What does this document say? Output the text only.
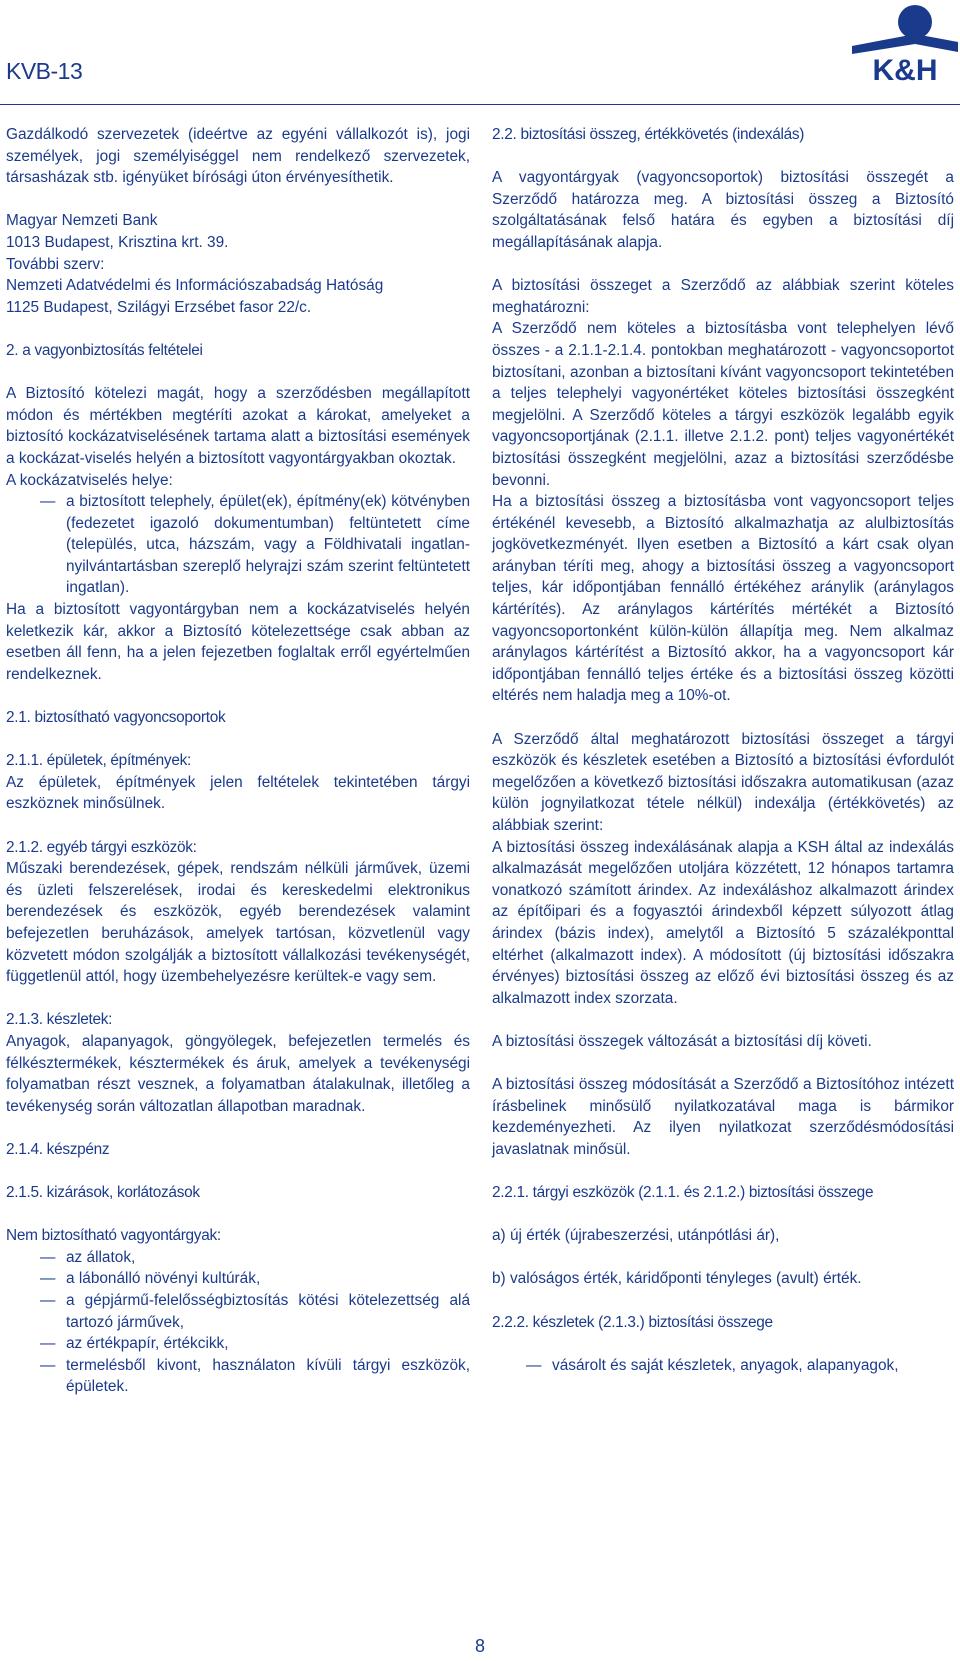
KVB-13	K&H

Gazdálkodó szervezetek (ideértve az egyéni vállalkozót is), jogi személyek, jogi személyiséggel nem rendelkező szervezetek, társasházak stb. igényüket bírósági úton érvényesíthetik.

Magyar Nemzeti Bank

1013 Budapest, Krisztina krt. 39.

További szerv:

Nemzeti Adatvédelmi és Információszabadság Hatóság

1125 Budapest, Szilágyi Erzsébet fasor 22/c.

2. a vagyonbiztosítás feltételei

A Biztosító kötelezi magát, hogy a szerződésben megállapított módon és mértékben megtéríti azokat a károkat, amelyeket a biztosító kockázatviselésének tartama alatt a biztosítási események a kockázat-viselés helyén a biztosított vagyontárgyakban okoztak.

A kockázatviselés helye:

— a biztosított telephely, épület(ek), építmény(ek) kötvényben (fedezetet igazoló dokumentumban) feltüntetett címe (település, utca, házszám, vagy a Földhivatali ingatlan-nyilvántartásban szereplő helyrajzi szám szerint feltüntetett ingatlan).

Ha a biztosított vagyontárgyban nem a kockázatviselés helyén keletkezik kár, akkor a Biztosító kötelezettsége csak abban az esetben áll fenn, ha a jelen fejezetben foglaltak erről egyértelműen rendelkeznek.

2.1. biztosítható vagyoncsoportok

2.1.1. épületek, építmények:

Az épületek, építmények jelen feltételek tekintetében tárgyi eszköznek minősülnek.

2.1.2. egyéb tárgyi eszközök:

Műszaki berendezések, gépek, rendszám nélküli járművek, üzemi és üzleti felszerelések, irodai és kereskedelmi elektronikus berendezések és eszközök, egyéb berendezések valamint befejezetlen beruházások, amelyek tartósan, közvetlenül vagy közvetett módon szolgálják a biztosított vállalkozási tevékenységét, függetlenül attól, hogy üzembehelyezésre kerültek-e vagy sem.

2.1.3. készletek:

Anyagok, alapanyagok, göngyölegek, befejezetlen termelés és félkésztermékek, késztermékek és áruk, amelyek a tevékenységi folyamatban részt vesznek, a folyamatban átalakulnak, illetőleg a tevékenység során változatlan állapotban maradnak.

2.1.4. készpénz

2.1.5. kizárások, korlátozások

Nem biztosítható vagyontárgyak:

— az állatok,
— a lábonálló növényi kultúrák,
— a gépjármű-felelősségbiztosítás kötési kötelezettség alá tartozó járművek,
— az értékpapír, értékcikk,
— termelésből kivont, használaton kívüli tárgyi eszközök, épületek.

2.2. biztosítási összeg, értékkövetés (indexálás)

A vagyontárgyak (vagyoncsoportok) biztosítási összegét a Szerződő határozza meg. A biztosítási összeg a Biztosító szolgáltatásának felső határa és egyben a biztosítási díj megállapításának alapja.

A biztosítási összeget a Szerződő az alábbiak szerint köteles meghatározni:

A Szerződő nem köteles a biztosításba vont telephelyen lévő összes - a 2.1.1-2.1.4. pontokban meghatározott - vagyoncsoportot biztosítani, azonban a biztosítani kívánt vagyoncsoport tekintetében a teljes telephelyi vagyonértéket köteles biztosítási összegként megjelölni. A Szerződő köteles a tárgyi eszközök legalább egyik vagyoncsoportjának (2.1.1. illetve 2.1.2. pont) teljes vagyonértékét biztosítási összegként megjelölni, azaz a biztosítási szerződésbe bevonni.

Ha a biztosítási összeg a biztosításba vont vagyoncsoport teljes értékénél kevesebb, a Biztosító alkalmazhatja az alulbiztosítás jogkövetkezményét. Ilyen esetben a Biztosító a kárt csak olyan arányban téríti meg, ahogy a biztosítási összeg a vagyoncsoport teljes, kár időpontjában fennálló értékéhez aránylik (aránylagos kártérítés). Az aránylagos kártérítés mértékét a Biztosító vagyoncsoportonként külön-külön állapítja meg. Nem alkalmaz aránylagos kártérítést a Biztosító akkor, ha a vagyoncsoport kár időpontjában fennálló teljes értéke és a biztosítási összeg közötti eltérés nem haladja meg a 10%-ot.

A Szerződő által meghatározott biztosítási összeget a tárgyi eszközök és készletek esetében a Biztosító a biztosítási évfordulót megelőzően a következő biztosítási időszakra automatikusan (azaz külön jognyilatkozat tétele nélkül) indexálja (értékkövetés) az alábbiak szerint:

A biztosítási összeg indexálásának alapja a KSH által az indexálás alkalmazását megelőzően utoljára közzétett, 12 hónapos tartamra vonatkozó számított árindex. Az indexáláshoz alkalmazott árindex az építőipari és a fogyasztói árindexből képzett súlyozott átlag árindex (bázis index), amelytől a Biztosító 5 százalékponttal eltérhet (alkalmazott index). A módosított (új biztosítási időszakra érvényes) biztosítási összeg az előző évi biztosítási összeg és az alkalmazott index szorzata.

A biztosítási összegek változását a biztosítási díj követi.

A biztosítási összeg módosítását a Szerződő a Biztosítóhoz intézett írásbelinek minősülő nyilatkozatával maga is bármikor kezdeményezheti. Az ilyen nyilatkozat szerződésmódosítási javaslatnak minősül.

2.2.1. tárgyi eszközök (2.1.1. és 2.1.2.) biztosítási összege

a) új érték (újrabeszerzési, utánpótlási ár),

b) valóságos érték, káridőponti tényleges (avult) érték.

2.2.2. készletek (2.1.3.) biztosítási összege

— vásárolt és saját készletek, anyagok, alapanyagok,
8
